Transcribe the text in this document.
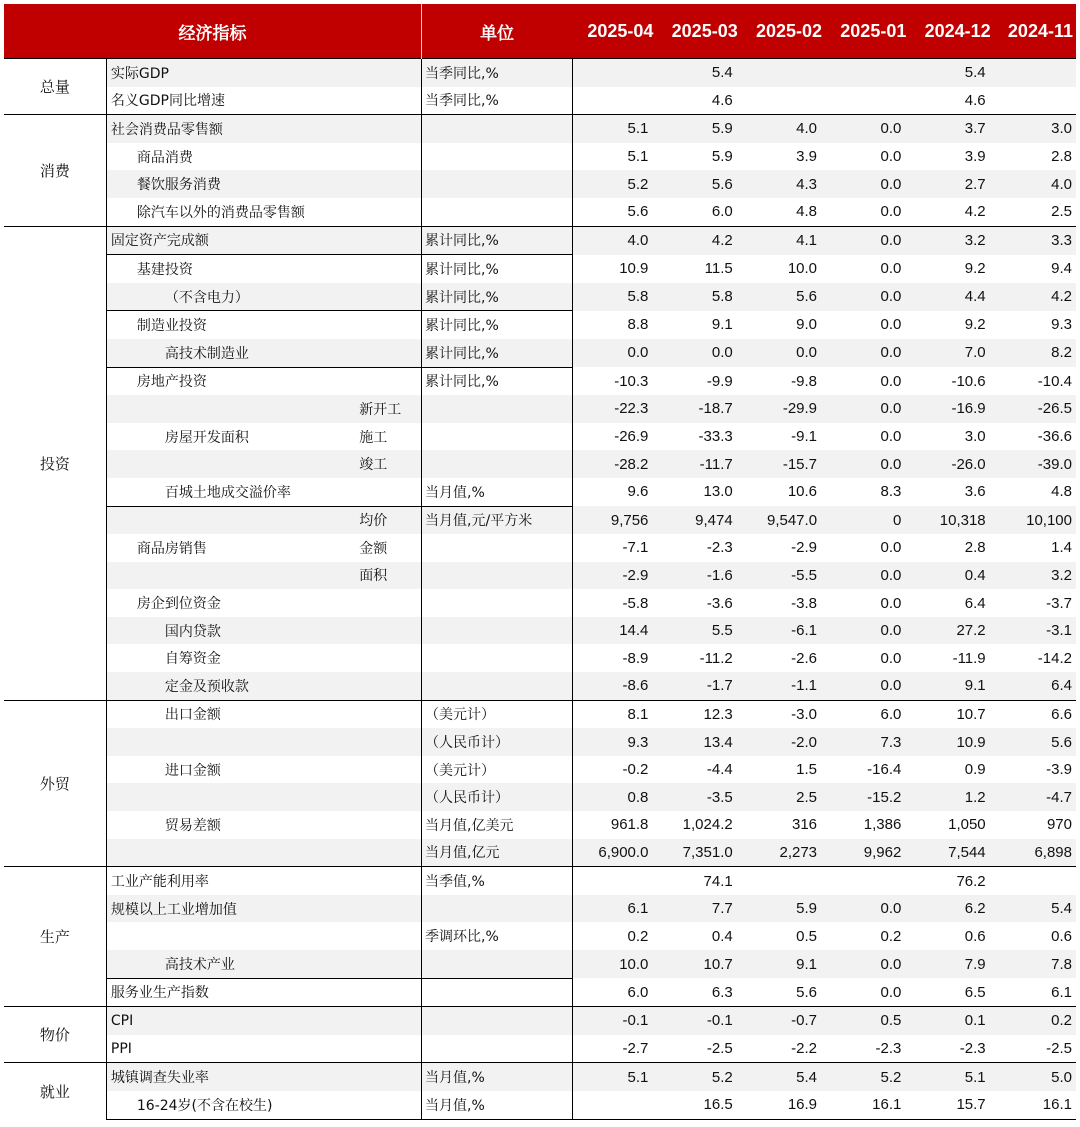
经济指标			单位	2025-04	2025-03	2025-02	2025-01	2024-12	2024-11
总量	实际GDP		当季同比,%		5.4			5.4	
	名义GDP同比增速		当季同比,%		4.6			4.6	
消费	社会消费品零售额			5.1	5.9	4.0	0.0	3.7	3.0
	商品消费			5.1	5.9	3.9	0.0	3.9	2.8
	餐饮服务消费			5.2	5.6	4.3	0.0	2.7	4.0
	除汽车以外的消费品零售额			5.6	6.0	4.8	0.0	4.2	2.5
投资	固定资产完成额		累计同比,%	4.0	4.2	4.1	0.0	3.2	3.3
	基建投资		累计同比,%	10.9	11.5	10.0	0.0	9.2	9.4
	（不含电力）		累计同比,%	5.8	5.8	5.6	0.0	4.4	4.2
	制造业投资		累计同比,%	8.8	9.1	9.0	0.0	9.2	9.3
	高技术制造业		累计同比,%	0.0	0.0	0.0	0.0	7.0	8.2
	房地产投资		累计同比,%	-10.3	-9.9	-9.8	0.0	-10.6	-10.4
		新开工		-22.3	-18.7	-29.9	0.0	-16.9	-26.5
	房屋开发面积	施工		-26.9	-33.3	-9.1	0.0	3.0	-36.6
		竣工		-28.2	-11.7	-15.7	0.0	-26.0	-39.0
	百城土地成交溢价率		当月值,%	9.6	13.0	10.6	8.3	3.6	4.8
		均价	当月值,元/平方米	9,756	9,474	9,547.0	0	10,318	10,100
	商品房销售	金额		-7.1	-2.3	-2.9	0.0	2.8	1.4
		面积		-2.9	-1.6	-5.5	0.0	0.4	3.2
	房企到位资金			-5.8	-3.6	-3.8	0.0	6.4	-3.7
	国内贷款			14.4	5.5	-6.1	0.0	27.2	-3.1
	自筹资金			-8.9	-11.2	-2.6	0.0	-11.9	-14.2
	定金及预收款			-8.6	-1.7	-1.1	0.0	9.1	6.4
外贸	出口金额		（美元计）	8.1	12.3	-3.0	6.0	10.7	6.6
			（人民币计）	9.3	13.4	-2.0	7.3	10.9	5.6
	进口金额		（美元计）	-0.2	-4.4	1.5	-16.4	0.9	-3.9
			（人民币计）	0.8	-3.5	2.5	-15.2	1.2	-4.7
	贸易差额		当月值,亿美元	961.8	1,024.2	316	1,386	1,050	970
			当月值,亿元	6,900.0	7,351.0	2,273	9,962	7,544	6,898
生产	工业产能利用率		当季值,%		74.1			76.2	
	规模以上工业增加值			6.1	7.7	5.9	0.0	6.2	5.4
			季调环比,%	0.2	0.4	0.5	0.2	0.6	0.6
	高技术产业			10.0	10.7	9.1	0.0	7.9	7.8
	服务业生产指数			6.0	6.3	5.6	0.0	6.5	6.1
物价	CPI			-0.1	-0.1	-0.7	0.5	0.1	0.2
	PPI			-2.7	-2.5	-2.2	-2.3	-2.3	-2.5
就业	城镇调查失业率		当月值,%	5.1	5.2	5.4	5.2	5.1	5.0
	16-24岁(不含在校生)		当月值,%		16.5	16.9	16.1	15.7	16.1
